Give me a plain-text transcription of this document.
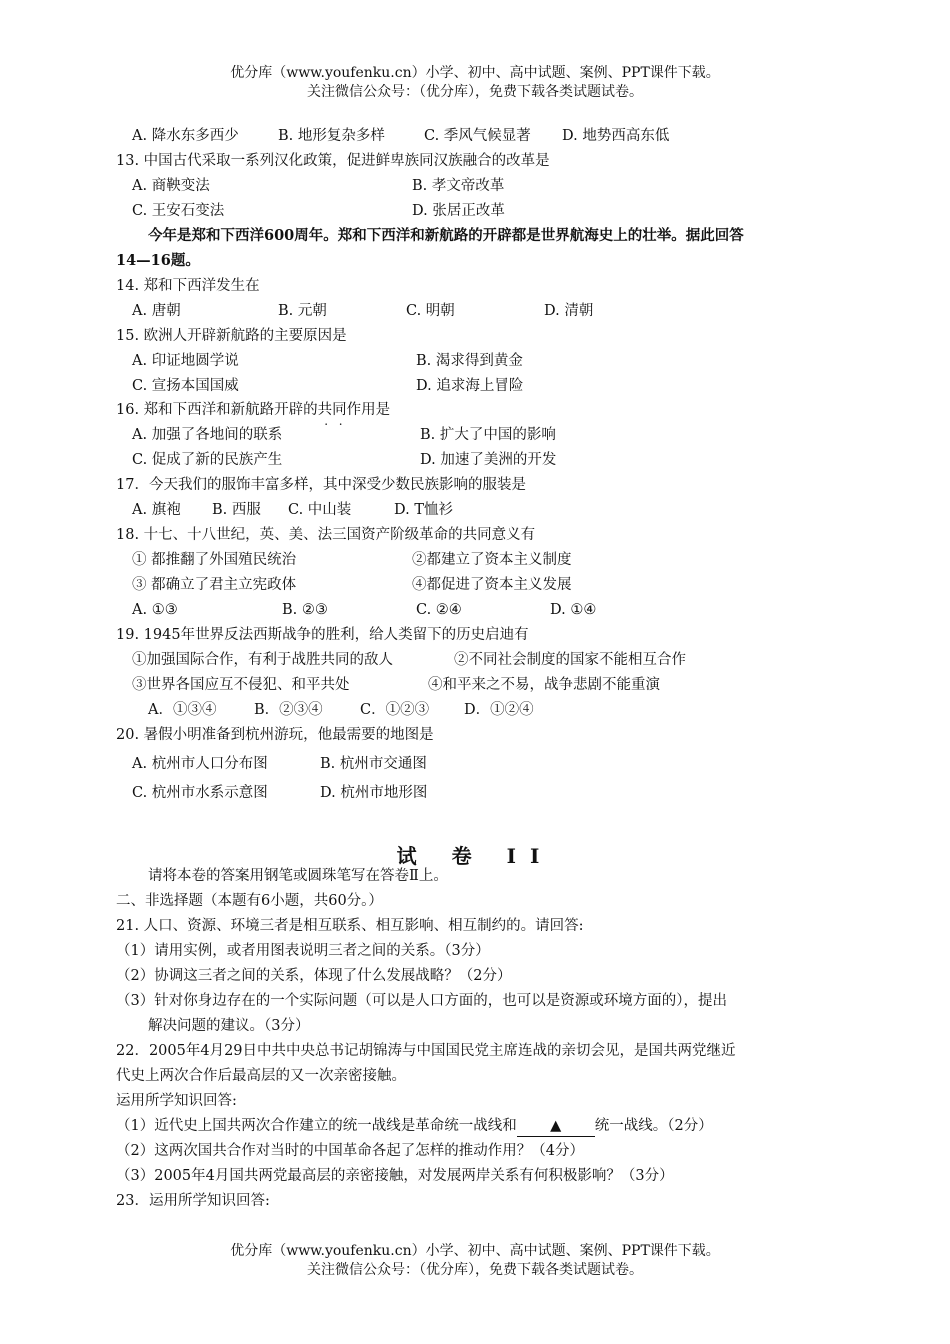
优分库（www.youfenku.cn）小学、初中、高中试题、案例、PPT课件下载。
关注微信公众号：（优分库），免费下载各类试题试卷。
A. 降水东多西少	B. 地形复杂多样	C. 季风气候显著 D. 地势西高东低
13. 中国古代采取一系列汉化政策，促进鲜卑族同汉族融合的改革是
A. 商鞅变法	B. 孝文帝改革
C. 王安石变法	D. 张居正改革
今年是郑和下西洋600周年。郑和下西洋和新航路的开辟都是世界航海史上的壮举。据此回答
14—16题。
14. 郑和下西洋发生在
A. 唐朝	B. 元朝	C. 明朝	D. 清朝
15. 欧洲人开辟新航路的主要原因是
A. 印证地圆学说	B. 渴求得到黄金
C. 宣扬本国国威	D. 追求海上冒险
16. 郑和下西洋和新航路开辟的共同作用是
A. 加强了各地间的联系	B. 扩大了中国的影响
C. 促成了新的民族产生	D. 加速了美洲的开发
17．今天我们的服饰丰富多样，其中深受少数民族影响的服装是
A. 旗袍 B. 西服 C. 中山装	D. T恤衫
18. 十七、十八世纪，英、美、法三国资产阶级革命的共同意义有
① 都推翻了外国殖民统治	②都建立了资本主义制度
③ 都确立了君主立宪政体	④都促进了资本主义发展
A. ①③	B. ②③	C. ②④	D. ①④
19. 1945年世界反法西斯战争的胜利，给人类留下的历史启迪有
①加强国际合作，有利于战胜共同的敌人	②不同社会制度的国家不能相互合作
③世界各国应互不侵犯、和平共处	④和平来之不易，战争悲剧不能重演
A．①③④	B．②③④	C．①②③ D．①②④
20. 暑假小明准备到杭州游玩，他最需要的地图是
A. 杭州市人口分布图	B. 杭州市交通图
C. 杭州市水系示意图	D. 杭州市地形图
试 卷 II
请将本卷的答案用钢笔或圆珠笔写在答卷Ⅱ上。
二、非选择题（本题有6小题，共60分。）
21. 人口、资源、环境三者是相互联系、相互影响、相互制约的。请回答:
（1）请用实例，或者用图表说明三者之间的关系。（3分）
（2）协调这三者之间的关系，体现了什么发展战略？（2分）
（3）针对你身边存在的一个实际问题（可以是人口方面的，也可以是资源或环境方面的），提出
解决问题的建议。（3分）
22．2005年4月29日中共中央总书记胡锦涛与中国国民党主席连战的亲切会见，是国共两党继近
代史上两次合作后最高层的又一次亲密接触。
运用所学知识回答:
（1）近代史上国共两次合作建立的统一战线是革命统一战线和 ▲ 统一战线。（2分）
（2）这两次国共合作对当时的中国革命各起了怎样的推动作用？（4分）
（3）2005年4月国共两党最高层的亲密接触，对发展两岸关系有何积极影响？（3分）
23．运用所学知识回答:
优分库（www.youfenku.cn）小学、初中、高中试题、案例、PPT课件下载。
关注微信公众号：（优分库），免费下载各类试题试卷。
